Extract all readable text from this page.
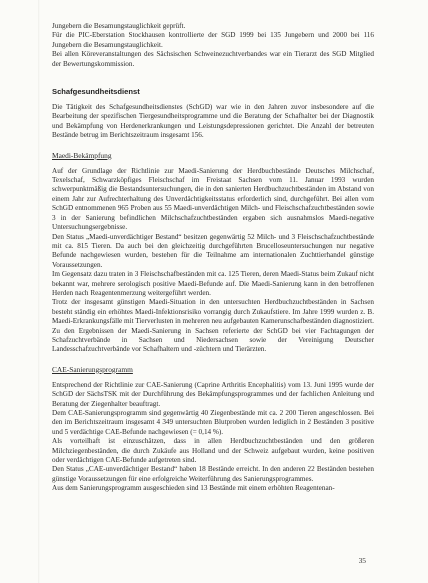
Jungebern die Besamungstauglichkeit geprüft.

Für die PIC-Eberstation Stockhausen kontrollierte der SGD 1999 bei 135 Jungebern und 2000 bei 116 Jungebern die Besamungstauglichkeit.

Bei allen Köreveranstaltungen des Sächsischen Schweinezuchtverbandes war ein Tierarzt des SGD Mitglied der Bewertungskommission.

Schafgesundheitsdienst

Die Tätigkeit des Schafgesundheitsdienstes (SchGD) war wie in den Jahren zuvor insbesondere auf die Bearbeitung der spezifischen Tiergesundheitsprogramme und die Beratung der Schafhalter bei der Diagnostik und Bekämpfung von Herdenerkrankungen und Leistungsdepressionen gerichtet. Die Anzahl der betreuten Bestände betrug im Berichtszeitraum insgesamt 156.

Maedi-Bekämpfung

Auf der Grundlage der Richtlinie zur Maedi-Sanierung der Herdbuchbestände Deutsches Milchschaf, Texelschaf, Schwarzköpfiges Fleischschaf im Freistaat Sachsen vom 11. Januar 1993 wurden schwerpunktmäßig die Bestandsuntersuchungen, die in den sanierten Herdbuchzuchtbeständen im Abstand von einem Jahr zur Aufrechterhaltung des Unverdächtigkeitsstatus erforderlich sind, durchgeführt. Bei allen vom SchGD entnommenen 965 Proben aus 55 Maedi-unverdächtigen Milch- und Fleischschafzuchtbeständen sowie 3 in der Sanierung befindlichen Milchschafzuchtbeständen ergaben sich ausnahmslos Maedi-negative Untersuchungsergebnisse.

Den Status „Maedi-unverdächtiger Bestand“ besitzen gegenwärtig 52 Milch- und 3 Fleischschafzuchtbestände mit ca. 815 Tieren. Da auch bei den gleichzeitig durchgeführten Brucelloseuntersuchungen nur negative Befunde nachgewiesen wurden, bestehen für die Teilnahme am internationalen Zuchttierhandel günstige Voraussetzungen.

Im Gegensatz dazu traten in 3 Fleischschafbeständen mit ca. 125 Tieren, deren Maedi-Status beim Zukauf nicht bekannt war, mehrere serologisch positive Maedi-Befunde auf. Die Maedi-Sanierung kann in den betroffenen Herden nach Reagentenmerzung weitergeführt werden.

Trotz der insgesamt günstigen Maedi-Situation in den untersuchten Herdbuchzuchtbeständen in Sachsen besteht ständig ein erhöhtes Maedi-Infektionsrisiko vorrangig durch Zukaufstiere. Im Jahre 1999 wurden z. B. Maedi-Erkrankungsfälle mit Tierverlusten in mehreren neu aufgebauten Kamerunschafbeständen diagnostiziert.

Zu den Ergebnissen der Maedi-Sanierung in Sachsen referierte der SchGD bei vier Fachtagungen der Schafzuchtverbände in Sachsen und Niedersachsen sowie der Vereinigung Deutscher Landesschafzuchtverbände vor Schafhaltern und -züchtern und Tierärzten.

CAE-Sanierungsprogramm

Entsprechend der Richtlinie zur CAE-Sanierung (Caprine Arthritis Encephalitis) vom 13. Juni 1995 wurde der SchGD der SächsTSK mit der Durchführung des Bekämpfungsprogrammes und der fachlichen Anleitung und Beratung der Ziegenhalter beauftragt.

Dem CAE-Sanierungsprogramm sind gegenwärtig 40 Ziegenbestände mit ca. 2 200 Tieren angeschlossen. Bei den im Berichtszeitraum insgesamt 4 349 untersuchten Blutproben wurden lediglich in 2 Beständen 3 positive und 5 verdächtige CAE-Befunde nachgewiesen (= 0,14 %).

Als vorteilhaft ist einzuschätzen, dass in allen Herdbuchzuchtbeständen und den größeren Milchziegenbeständen, die durch Zukäufe aus Holland und der Schweiz aufgebaut wurden, keine positiven oder verdächtigen CAE-Befunde aufgetreten sind.

Den Status „CAE-unverdächtiger Bestand“ haben 18 Bestände erreicht. In den anderen 22 Beständen bestehen günstige Voraussetzungen für eine erfolgreiche Weiterführung des Sanierungsprogrammes.

Aus dem Sanierungsprogramm ausgeschieden sind 13 Bestände mit einem erhöhten Reagentenan-

35
